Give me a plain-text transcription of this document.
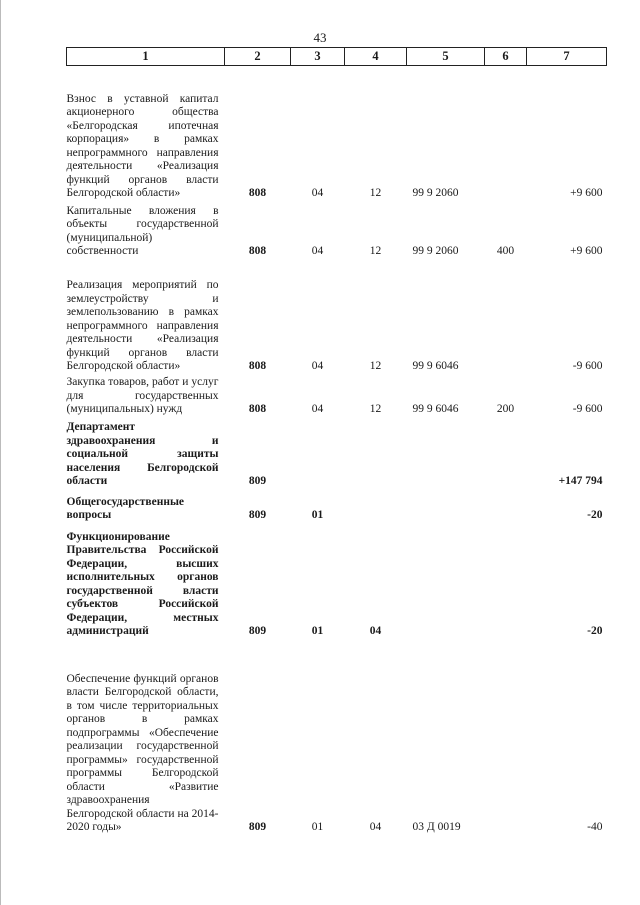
43
1	2	3	4	5	6	7
Взнос в уставной капитал акционерного общества «Белгородская ипотечная корпорация» в рамках непрограммного направления деятельности «Реализация функций органов власти Белгородской области»	808	04	12	99 9 2060		+9 600
Капитальные вложения в объекты государственной (муниципальной) собственности	808	04	12	99 9 2060	400	+9 600
Реализация мероприятий по землеустройству и землепользованию в рамках непрограммного направления деятельности «Реализация функций органов власти Белгородской области»	808	04	12	99 9 6046		-9 600
Закупка товаров, работ и услуг для государственных (муниципальных) нужд	808	04	12	99 9 6046	200	-9 600
Департамент здравоохранения и социальной защиты населения Белгородской области	809					+147 794
Общегосударственные вопросы	809	01				-20
Функционирование Правительства Российской Федерации, высших исполнительных органов государственной власти субъектов Российской Федерации, местных администраций	809	01	04			-20
Обеспечение функций органов власти Белгородской области, в том числе территориальных органов в рамках подпрограммы «Обеспечение реализации государственной программы» государственной программы Белгородской области «Развитие здравоохранения Белгородской области на 2014-2020 годы»	809	01	04	03 Д 0019		-40
